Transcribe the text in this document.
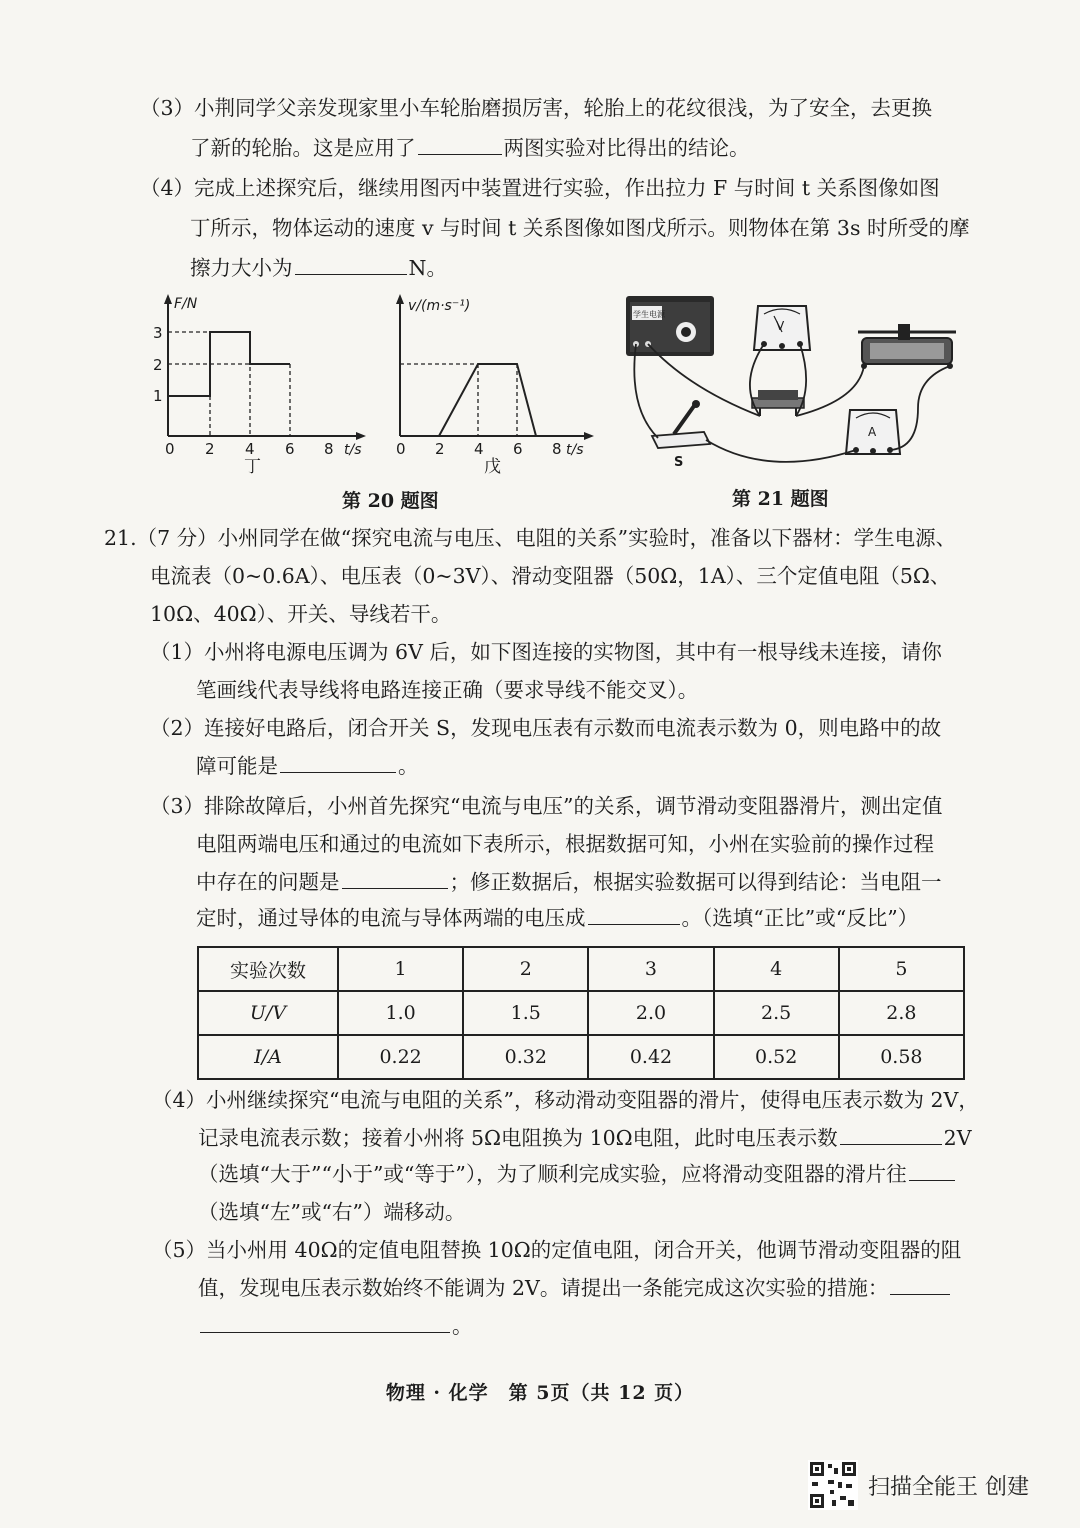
（3）小荆同学父亲发现家里小车轮胎磨损厉害，轮胎上的花纹很浅，为了安全，去更换
了新的轮胎。这是应用了	两图实验对比得出的结论。
（4）完成上述探究后，继续用图丙中装置进行实验，作出拉力 F 与时间 t 关系图像如图
丁所示，物体运动的速度 v 与时间 t 关系图像如图戊所示。则物体在第 3s 时所受的摩
擦力大小为	N。
F/N
3
2
1
0 2 4 6 8 t/s
丁
v/(m·s⁻¹)
0 2 4 6 8 t/s
戊
学生电源
V
A
S
第 20 题图	第 21 题图
21.（7 分）小州同学在做“探究电流与电压、电阻的关系”实验时，准备以下器材：学生电源、
电流表（0~0.6A）、电压表（0~3V）、滑动变阻器（50Ω，1A）、三个定值电阻（5Ω、
10Ω、40Ω）、开关、导线若干。
（1）小州将电源电压调为 6V 后，如下图连接的实物图，其中有一根导线未连接，请你
笔画线代表导线将电路连接正确（要求导线不能交叉）。
（2）连接好电路后，闭合开关 S，发现电压表有示数而电流表示数为 0，则电路中的故
障可能是	。
（3）排除故障后，小州首先探究“电流与电压”的关系，调节滑动变阻器滑片，测出定值
电阻两端电压和通过的电流如下表所示，根据数据可知，小州在实验前的操作过程
中存在的问题是	；修正数据后，根据实验数据可以得到结论：当电阻一
定时，通过导体的电流与导体两端的电压成	。（选填“正比”或“反比”）
实验次数	1	2	3	4	5
U/V	1.0	1.5	2.0	2.5	2.8
I/A	0.22	0.32	0.42	0.52	0.58
（4）小州继续探究“电流与电阻的关系”，移动滑动变阻器的滑片，使得电压表示数为 2V，
记录电流表示数；接着小州将 5Ω电阻换为 10Ω电阻，此时电压表示数	2V
（选填“大于”“小于”或“等于”），为了顺利完成实验，应将滑动变阻器的滑片往
（选填“左”或“右”）端移动。
（5）当小州用 40Ω的定值电阻替换 10Ω的定值电阻，闭合开关，他调节滑动变阻器的阻
值，发现电压表示数始终不能调为 2V。请提出一条能完成这次实验的措施：
。
物理 · 化学　第 5页（共 12 页）
扫描全能王 创建
